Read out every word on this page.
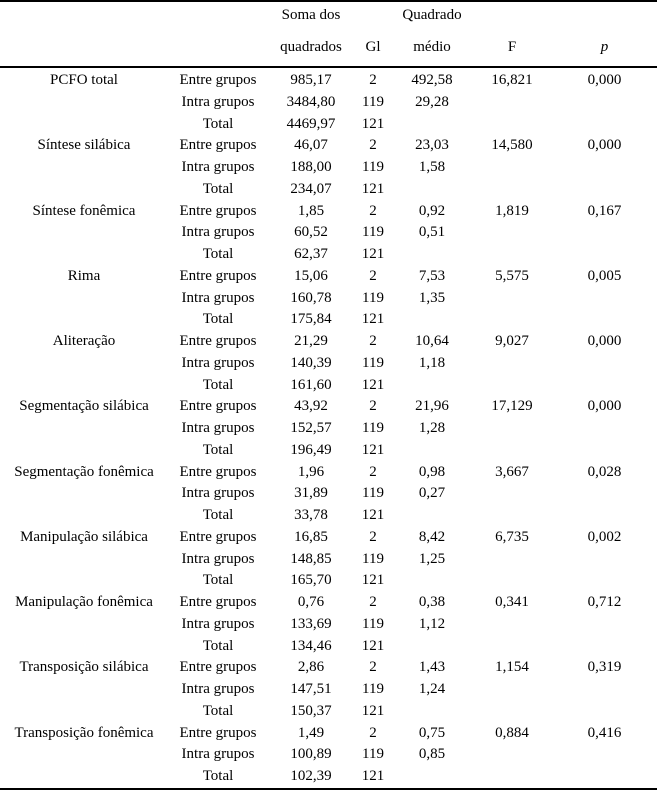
		Soma dos		Quadrado		
		quadrados	Gl	médio	F	p
PCFO total	Entre grupos	985,17	2	492,58	16,821	0,000
	Intra grupos	3484,80	119	29,28		
	Total	4469,97	121			
Síntese silábica	Entre grupos	46,07	2	23,03	14,580	0,000
	Intra grupos	188,00	119	1,58		
	Total	234,07	121			
Síntese fonêmica	Entre grupos	1,85	2	0,92	1,819	0,167
	Intra grupos	60,52	119	0,51		
	Total	62,37	121			
Rima	Entre grupos	15,06	2	7,53	5,575	0,005
	Intra grupos	160,78	119	1,35		
	Total	175,84	121			
Aliteração	Entre grupos	21,29	2	10,64	9,027	0,000
	Intra grupos	140,39	119	1,18		
	Total	161,60	121			
Segmentação silábica	Entre grupos	43,92	2	21,96	17,129	0,000
	Intra grupos	152,57	119	1,28		
	Total	196,49	121			
Segmentação fonêmica	Entre grupos	1,96	2	0,98	3,667	0,028
	Intra grupos	31,89	119	0,27		
	Total	33,78	121			
Manipulação silábica	Entre grupos	16,85	2	8,42	6,735	0,002
	Intra grupos	148,85	119	1,25		
	Total	165,70	121			
Manipulação fonêmica	Entre grupos	0,76	2	0,38	0,341	0,712
	Intra grupos	133,69	119	1,12		
	Total	134,46	121			
Transposição silábica	Entre grupos	2,86	2	1,43	1,154	0,319
	Intra grupos	147,51	119	1,24		
	Total	150,37	121			
Transposição fonêmica	Entre grupos	1,49	2	0,75	0,884	0,416
	Intra grupos	100,89	119	0,85		
	Total	102,39	121			
